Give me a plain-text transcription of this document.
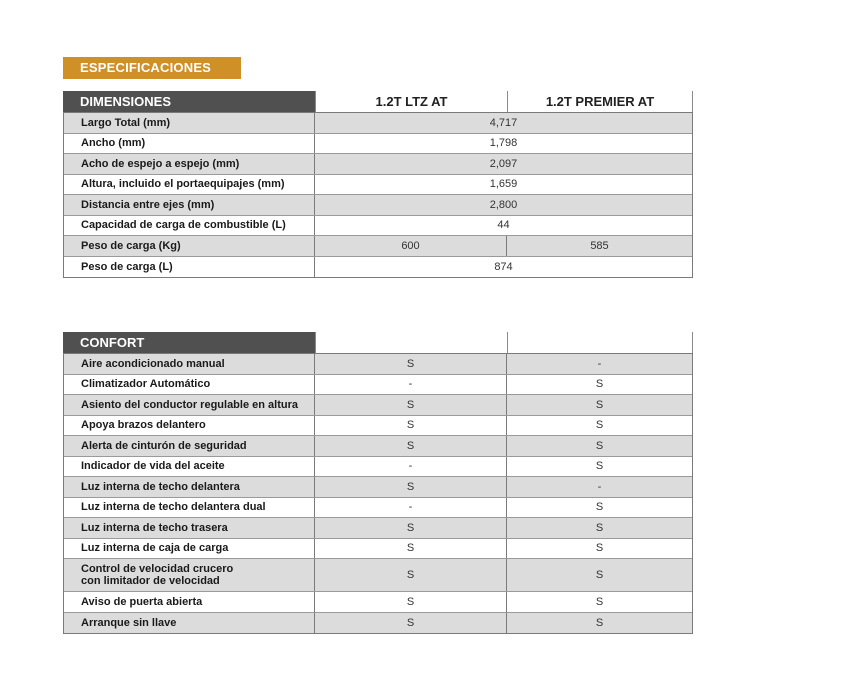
ESPECIFICACIONES
DIMENSIONES	1.2T LTZ AT	1.2T PREMIER AT
Largo Total (mm)	4,717
Ancho (mm)	1,798
Acho de espejo a espejo (mm)	2,097
Altura, incluido el portaequipajes (mm)	1,659
Distancia entre ejes (mm)	2,800
Capacidad de carga de combustible (L)	44
Peso de carga (Kg)	600	585
Peso de carga (L)	874
CONFORT
Aire acondicionado manual	S	-
Climatizador Automático	-	S
Asiento del conductor regulable en altura	S	S
Apoya brazos delantero	S	S
Alerta de cinturón de seguridad	S	S
Indicador de vida del aceite	-	S
Luz interna de techo delantera	S	-
Luz interna de techo delantera dual	-	S
Luz interna de techo trasera	S	S
Luz interna de caja de carga	S	S
Control de velocidad crucero
con limitador de velocidad	S	S
Aviso de puerta abierta	S	S
Arranque sin llave	S	S
